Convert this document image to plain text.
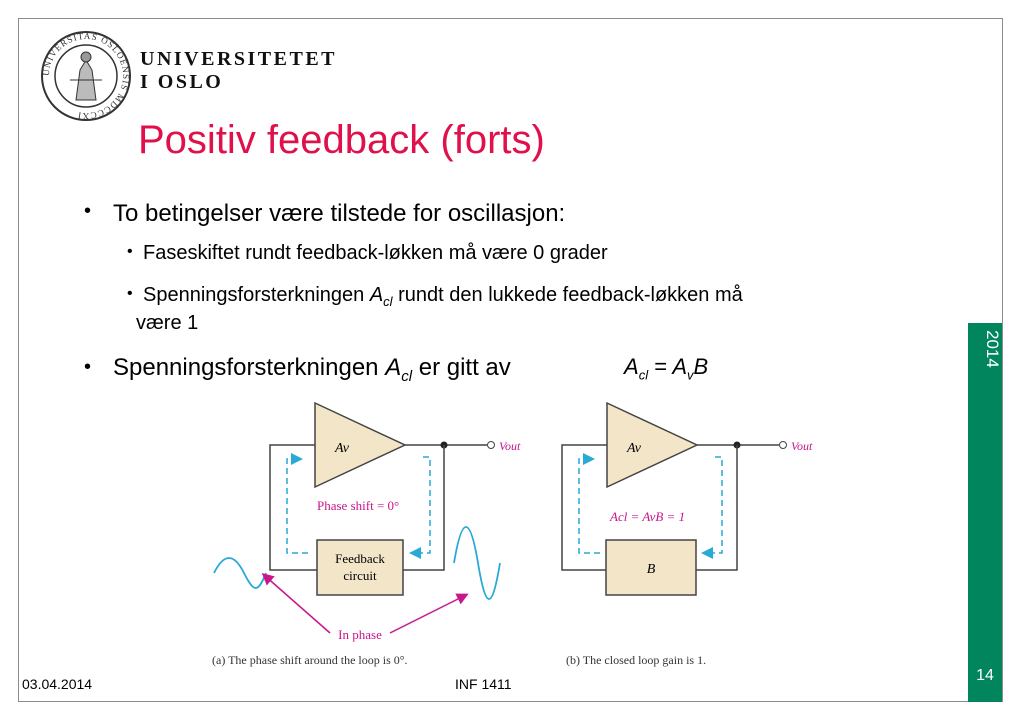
UNIVERSITAS OSLOENSIS MDCCCXI
UNIVERSITETET
I OSLO
Positiv feedback (forts)
• To betingelser være tilstede for oscillasjon:
• Faseskiftet rundt feedback-løkken må være 0 grader
• Spenningsforsterkningen $A_{cl}$ rundt den lukkede feedback-løkken må
være 1
• Spenningsforsterkningen $A_{cl}$ er gitt av	$A_{cl} = A_vB$
Av	Vout
Feedback
circuit
Phase shift = 0°
In phase
(a) The phase shift around the loop is 0°.
Av	Vout
B
Acl = AvB = 1
(b) The closed loop gain is 1.
2014
14
03.04.2014	INF 1411
